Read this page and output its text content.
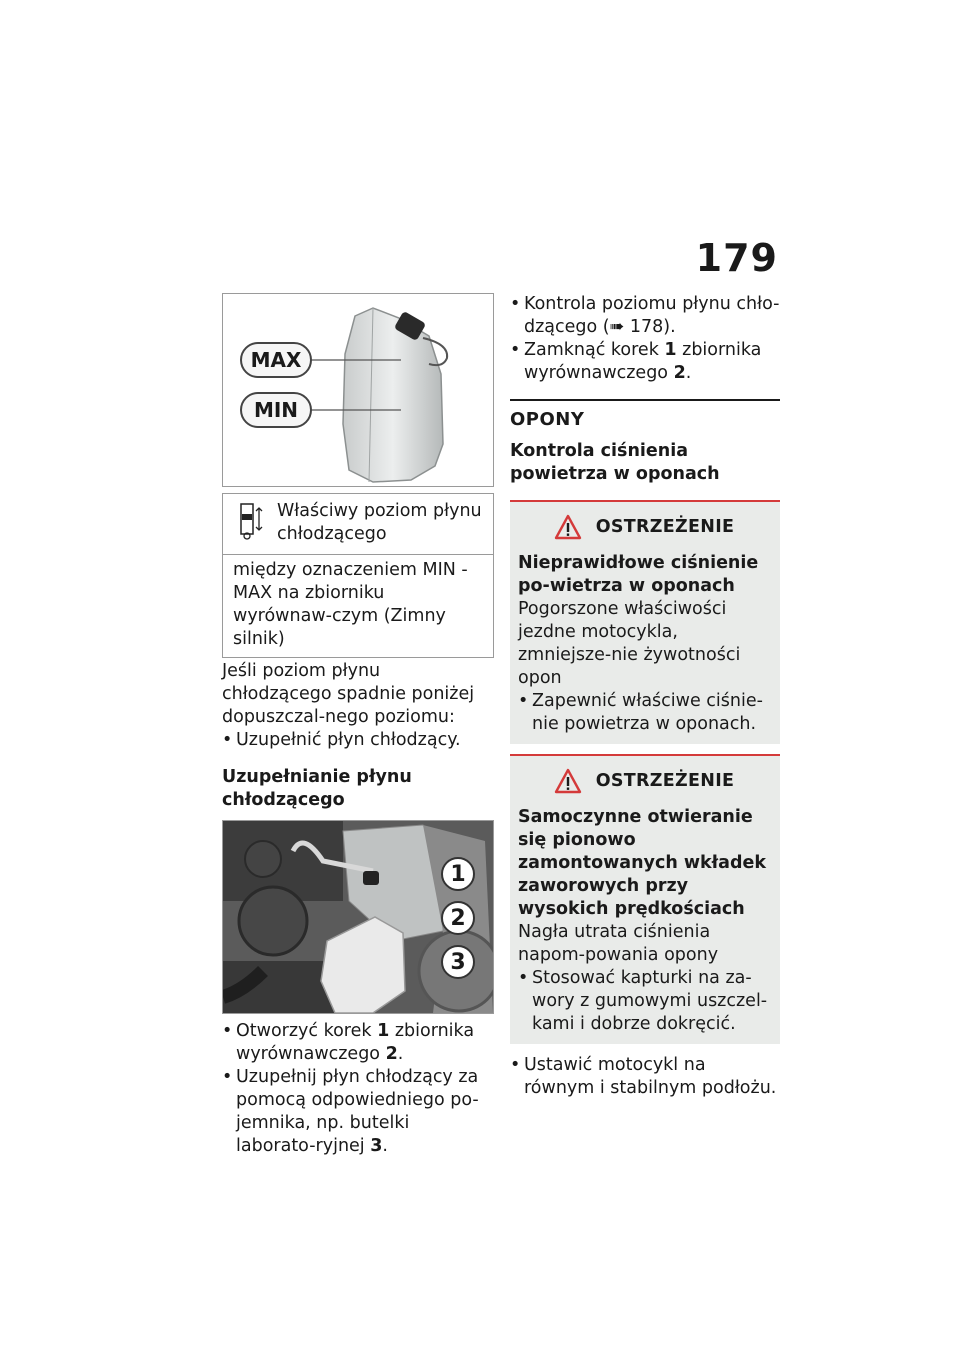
179
MAX
MIN
Właściwy poziom płynu chłodzącego
między oznaczeniem MIN - MAX na zbiorniku wyrównaw-czym (Zimny silnik)
Jeśli poziom płynu chłodzącego spadnie poniżej dopuszczal-nego poziomu:
• Uzupełnić płyn chłodzący.
Uzupełnianie płynu chłodzącego
1
2
3
• Otworzyć korek 1 zbiornika wyrównawczego 2.
• Uzupełnij płyn chłodzący za pomocą odpowiedniego po-jemnika, np. butelki laborato-ryjnej 3.
• Kontrola poziomu płynu chło-dzącego (➠ 178).
• Zamknąć korek 1 zbiornika wyrównawczego 2.
OPONY
Kontrola ciśnienia powietrza w oponach
OSTRZEŻENIE
Nieprawidłowe ciśnienie po-wietrza w oponach
Pogorszone właściwości jezdne motocykla, zmniejsze-nie żywotności opon
• Zapewnić właściwe ciśnie-nie powietrza w oponach.
OSTRZEŻENIE
Samoczynne otwieranie się pionowo zamontowanych wkładek zaworowych przy wysokich prędkościach
Nagła utrata ciśnienia napom-powania opony
• Stosować kapturki na za-wory z gumowymi uszczel-kami i dobrze dokręcić.
• Ustawić motocykl na równym i stabilnym podłożu.
